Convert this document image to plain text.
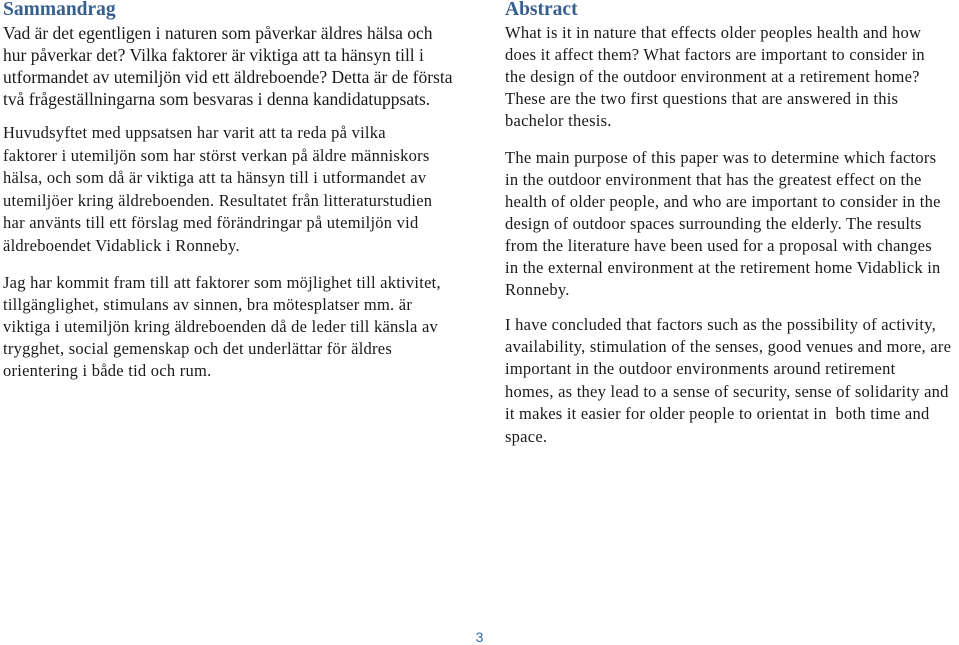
Sammandrag
Vad är det egentligen i naturen som påverkar äldres hälsa och
hur påverkar det? Vilka faktorer är viktiga att ta hänsyn till i
utformandet av utemiljön vid ett äldreboende? Detta är de första
två frågeställningarna som besvaras i denna kandidatuppsats.
Huvudsyftet med uppsatsen har varit att ta reda på vilka
faktorer i utemiljön som har störst verkan på äldre människors
hälsa, och som då är viktiga att ta hänsyn till i utformandet av
utemiljöer kring äldreboenden. Resultatet från litteraturstudien
har använts till ett förslag med förändringar på utemiljön vid
äldreboendet Vidablick i Ronneby.
Jag har kommit fram till att faktorer som möjlighet till aktivitet,
tillgänglighet, stimulans av sinnen, bra mötesplatser mm. är
viktiga i utemiljön kring äldreboenden då de leder till känsla av
trygghet, social gemenskap och det underlättar för äldres
orientering i både tid och rum.
Abstract
What is it in nature that effects older peoples health and how
does it affect them? What factors are important to consider in
the design of the outdoor environment at a retirement home?
These are the two first questions that are answered in this
bachelor thesis.
The main purpose of this paper was to determine which factors
in the outdoor environment that has the greatest effect on the
health of older people, and who are important to consider in the
design of outdoor spaces surrounding the elderly. The results
from the literature have been used for a proposal with changes
in the external environment at the retirement home Vidablick in
Ronneby.
I have concluded that factors such as the possibility of activity,
availability, stimulation of the senses, good venues and more, are
important in the outdoor environments around retirement
homes, as they lead to a sense of security, sense of solidarity and
it makes it easier for older people to orientat in  both time and
space.
3
